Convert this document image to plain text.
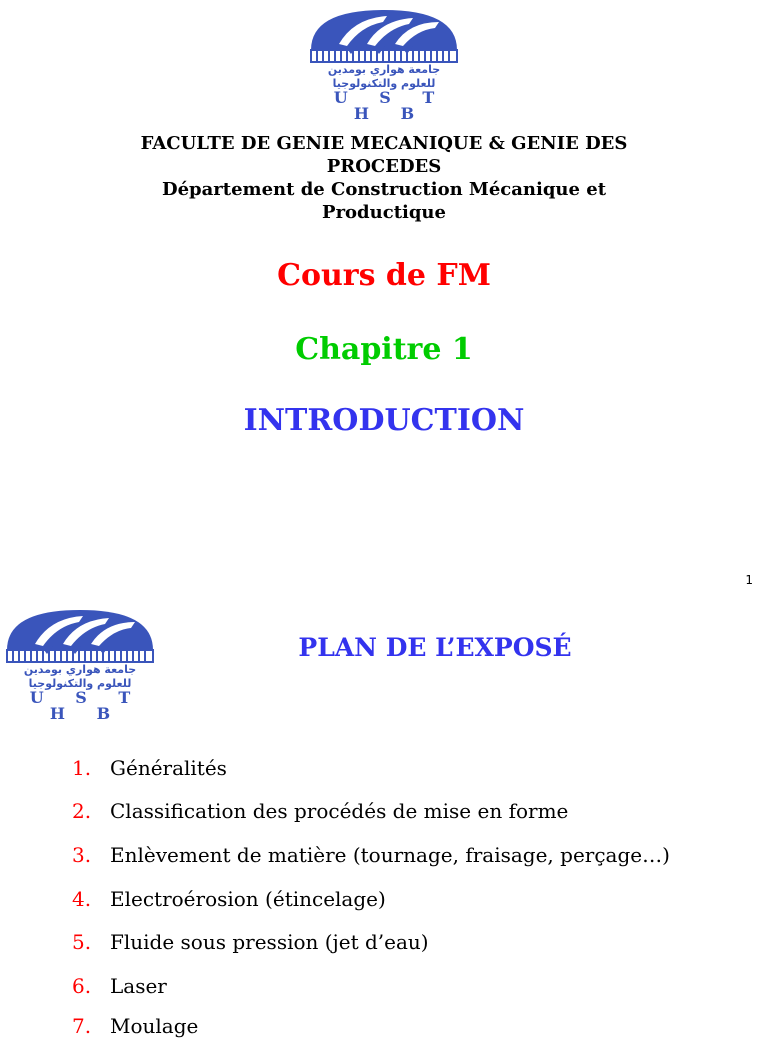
جامعة هواري بومدين
للعلوم والتكنولوجيا
U S T H B
FACULTE DE GENIE MECANIQUE & GENIE DES PROCEDES
Département de Construction Mécanique et Productique
Cours de FM
Chapitre 1
INTRODUCTION
1
جامعة هواري بومدين
للعلوم والتكنولوجيا
U S T H B
PLAN DE L’EXPOSÉ
1. Généralités
2. Classification des procédés de mise en forme
3. Enlèvement de matière (tournage, fraisage, perçage…)
4. Electroérosion (étincelage)
5. Fluide sous pression (jet d’eau)
6. Laser
7. Moulage
